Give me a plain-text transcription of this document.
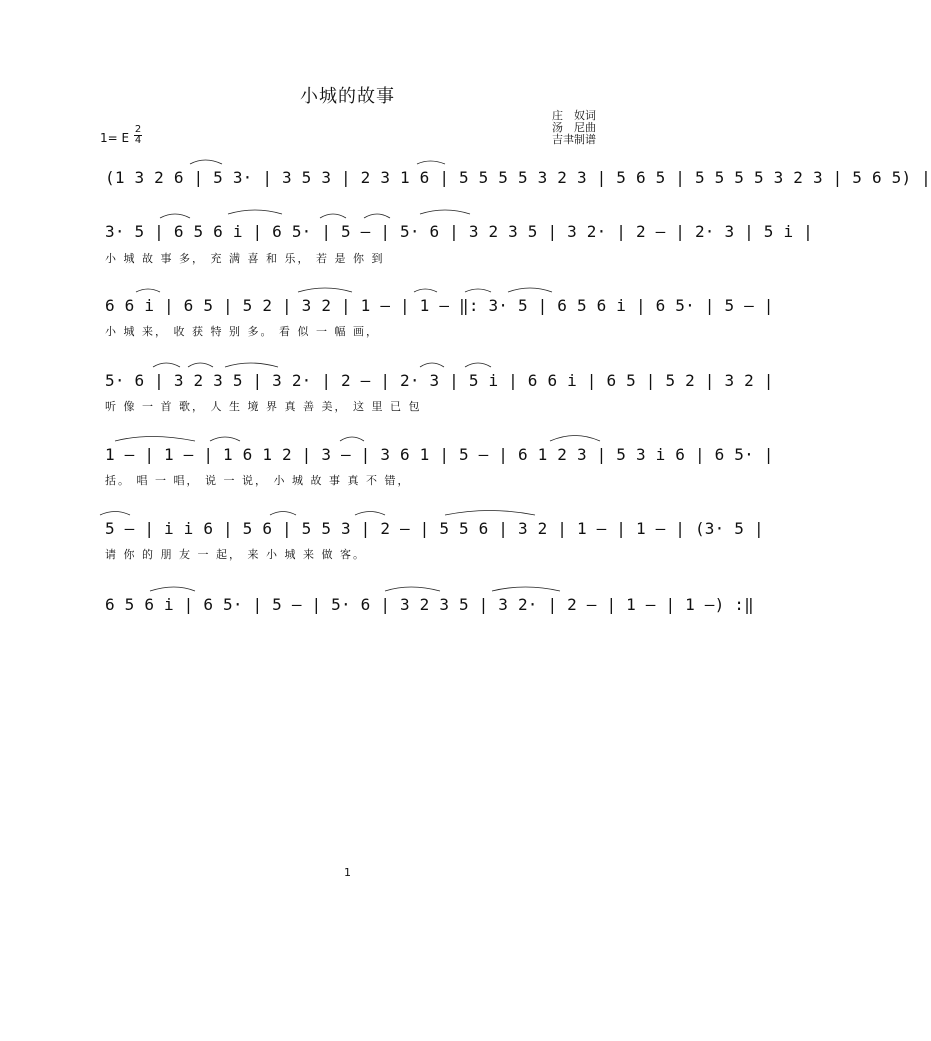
小城的故事
庄　奴词
汤　尼曲
吉聿制谱
1= E
2
4
(1 3 2 6 | 5 3· | 3 5 3 | 2 3 1 6 | 5 5 5 5 3 2 3 | 5 6 5 | 5 5 5 5 3 2 3 | 5 6 5) |
3· 5 | 6 5 6 i | 6 5· | 5 — | 5· 6 | 3 2 3 5 | 3 2· | 2 — | 2· 3 | 5 i |
小 城 故 事 多， 充 满 喜 和 乐， 若 是 你 到
6 6 i | 6 5 | 5 2 | 3 2 | 1 — | 1 — ‖: 3· 5 | 6 5 6 i | 6 5· | 5 — |
小 城 来， 收 获 特 别 多。 看 似 一 幅 画，
5· 6 | 3 2 3 5 | 3 2· | 2 — | 2· 3 | 5 i | 6 6 i | 6 5 | 5 2 | 3 2 |
听 像 一 首 歌， 人 生 境 界 真 善 美， 这 里 已 包
1 — | 1 — | 1 6 1 2 | 3 — | 3 6 1 | 5 — | 6 1 2 3 | 5 3 i 6 | 6 5· |
括。 唱 一 唱， 说 一 说， 小 城 故 事 真 不 错，
5 — | i i 6 | 5 6 | 5 5 3 | 2 — | 5 5 6 | 3 2 | 1 — | 1 — | (3· 5 |
请 你 的 朋 友 一 起， 来 小 城 来 做 客。
6 5 6 i | 6 5· | 5 — | 5· 6 | 3 2 3 5 | 3 2· | 2 — | 1 — | 1 —) :‖
1
